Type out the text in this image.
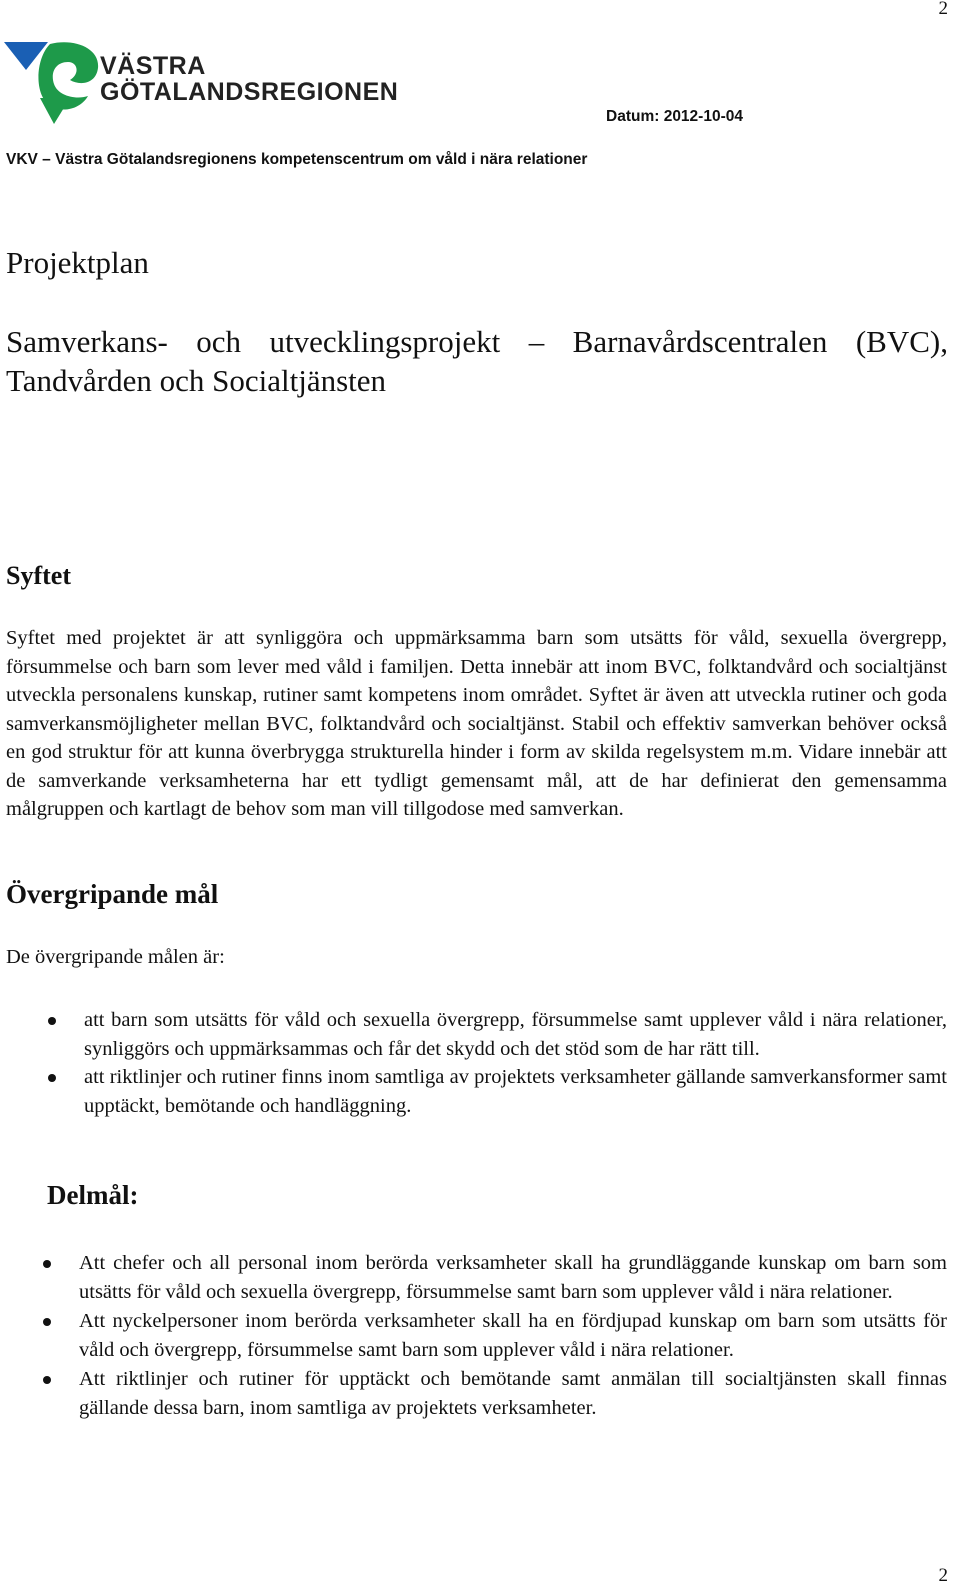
2
VÄSTRA
GÖTALANDSREGIONEN
Datum: 2012-10-04
VKV – Västra Götalandsregionens kompetenscentrum om våld i nära relationer
Projektplan
Samverkans- och utvecklingsprojekt – Barnavårdscentralen (BVC), Tandvården och Socialtjänsten
Syftet

Syftet med projektet är att synliggöra och uppmärksamma barn som utsätts för våld, sexuella övergrepp, försummelse och barn som lever med våld i familjen. Detta innebär att inom BVC, folktandvård och socialtjänst utveckla personalens kunskap, rutiner samt kompetens inom området. Syftet är även att utveckla rutiner och goda samverkansmöjligheter mellan BVC, folktandvård och socialtjänst. Stabil och effektiv samverkan behöver också en god struktur för att kunna överbrygga strukturella hinder i form av skilda regelsystem m.m. Vidare innebär att de samverkande verksamheterna har ett tydligt gemensamt mål, att de har definierat den gemensamma målgruppen och kartlagt de behov som man vill tillgodose med samverkan.

Övergripande mål
De övergripande målen är:
att barn som utsätts för våld och sexuella övergrepp, försummelse samt upplever våld i nära relationer, synliggörs och uppmärksammas och får det skydd och det stöd som de har rätt till.
att riktlinjer och rutiner finns inom samtliga av projektets verksamheter gällande samverkansformer samt upptäckt, bemötande och handläggning.
Delmål:
Att chefer och all personal inom berörda verksamheter skall ha grundläggande kunskap om barn som utsätts för våld och sexuella övergrepp, försummelse samt barn som upplever våld i nära relationer.
Att nyckelpersoner inom berörda verksamheter skall ha en fördjupad kunskap om barn som utsätts för våld och övergrepp, försummelse samt barn som upplever våld i nära relationer.
Att riktlinjer och rutiner för upptäckt och bemötande samt anmälan till socialtjänsten skall finnas gällande dessa barn, inom samtliga av projektets verksamheter.
2
